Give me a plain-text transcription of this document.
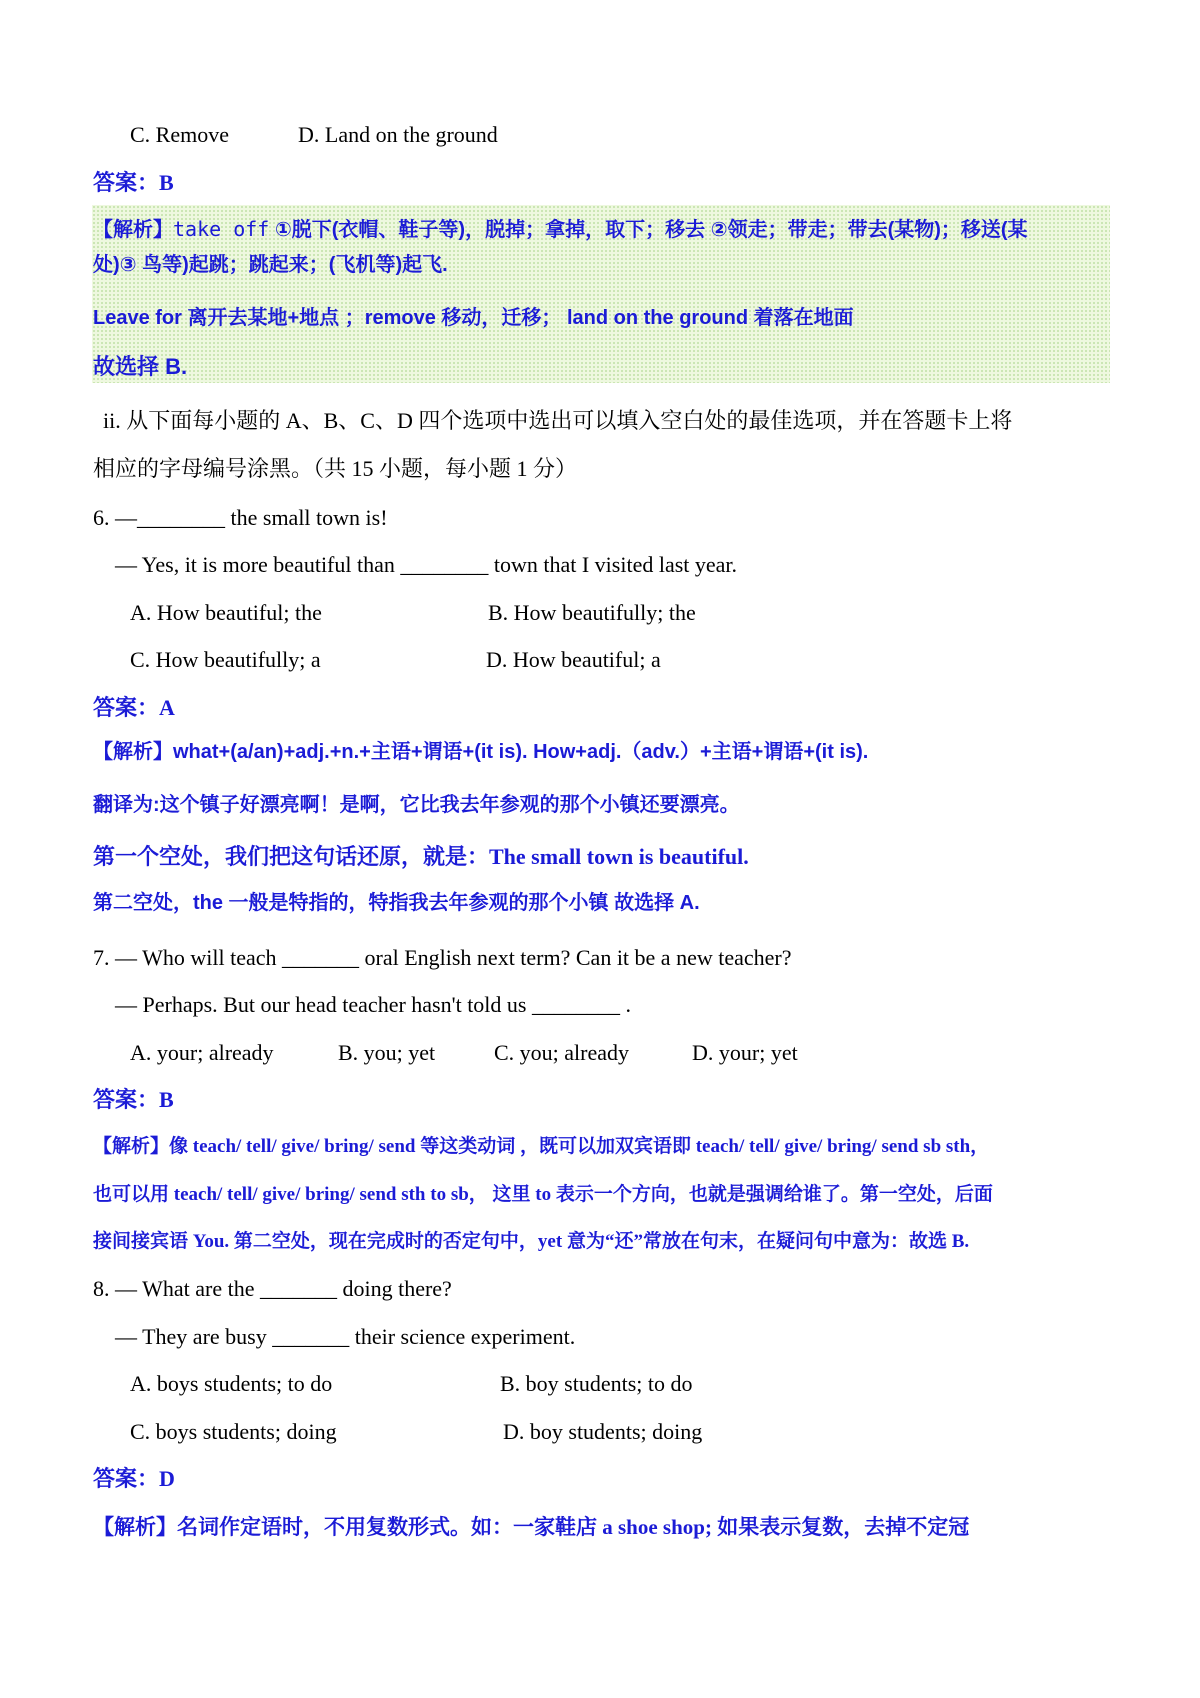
C. Remove	D. Land on the ground
答案：B
【解析】take off ①脱下(衣帽、鞋子等)，脱掉；拿掉，取下；移去 ②领走；带走；带去(某物)；移送(某
处)③ 鸟等)起跳；跳起来；(飞机等)起飞.
Leave for 离开去某地+地点 ；remove 移动，迁移； land on the ground 着落在地面
故选择 B.
ii. 从下面每小题的 A、B、C、D 四个选项中选出可以填入空白处的最佳选项，并在答题卡上将
相应的字母编号涂黑。（共 15 小题，每小题 1 分）
6. —________ the small town is!
— Yes, it is more beautiful than ________ town that I visited last year.
A. How beautiful; the	B. How beautifully; the
C. How beautifully; a	D. How beautiful; a
答案：A
【解析】what+(a/an)+adj.+n.+主语+谓语+(it is). How+adj.（adv.）+主语+谓语+(it is).
翻译为:这个镇子好漂亮啊！是啊，它比我去年参观的那个小镇还要漂亮。
第一个空处，我们把这句话还原，就是：The small town is beautiful.
第二空处，the 一般是特指的，特指我去年参观的那个小镇 故选择 A.
7. — Who will teach _______ oral English next term? Can it be a new teacher?
— Perhaps. But our head teacher hasn't told us ________ .
A. your; already	B. you; yet	C. you; already	D. your; yet
答案：B
【解析】像 teach/ tell/ give/ bring/ send 等这类动词 ，既可以加双宾语即 teach/ tell/ give/ bring/ send sb sth，
也可以用 teach/ tell/ give/ bring/ send sth to sb， 这里 to 表示一个方向，也就是强调给谁了。第一空处，后面
接间接宾语 You. 第二空处，现在完成时的否定句中，yet 意为“还”常放在句末，在疑问句中意为：故选 B.
8. — What are the _______ doing there?
— They are busy _______ their science experiment.
A. boys students; to do	B. boy students; to do
C. boys students; doing	D. boy students; doing
答案：D
【解析】名词作定语时，不用复数形式。如：一家鞋店 a shoe shop; 如果表示复数，去掉不定冠
